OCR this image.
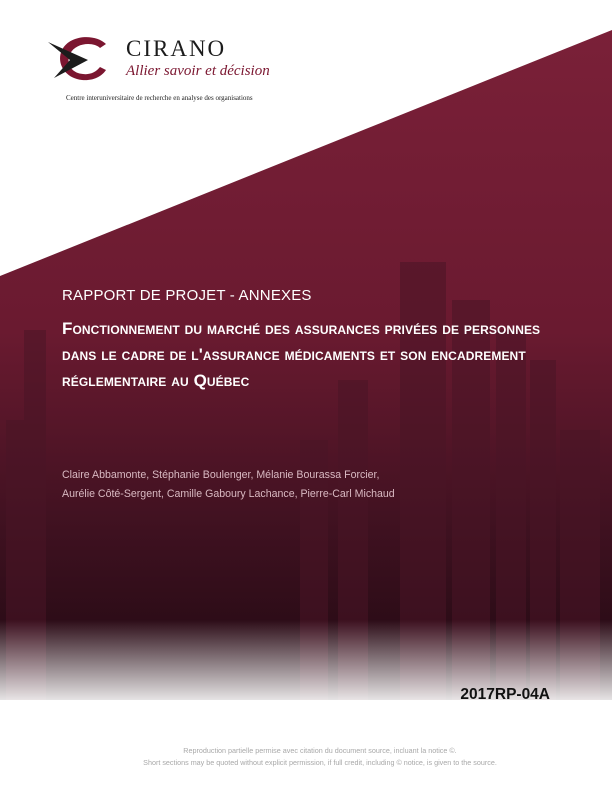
CIRANO
Allier savoir et décision
Centre interuniversitaire de recherche en analyse des organisations
RAPPORT DE PROJET - ANNEXES
Fonctionnement du marché des assurances privées de personnes dans le cadre de l'assurance médicaments et son encadrement réglementaire au Québec
Claire Abbamonte, Stéphanie Boulenger, Mélanie Bourassa Forcier,
Aurélie Côté-Sergent, Camille Gaboury Lachance, Pierre-Carl Michaud
2017RP-04A
Reproduction partielle permise avec citation du document source, incluant la notice ©.
Short sections may be quoted without explicit permission, if full credit, including © notice, is given to the source.
